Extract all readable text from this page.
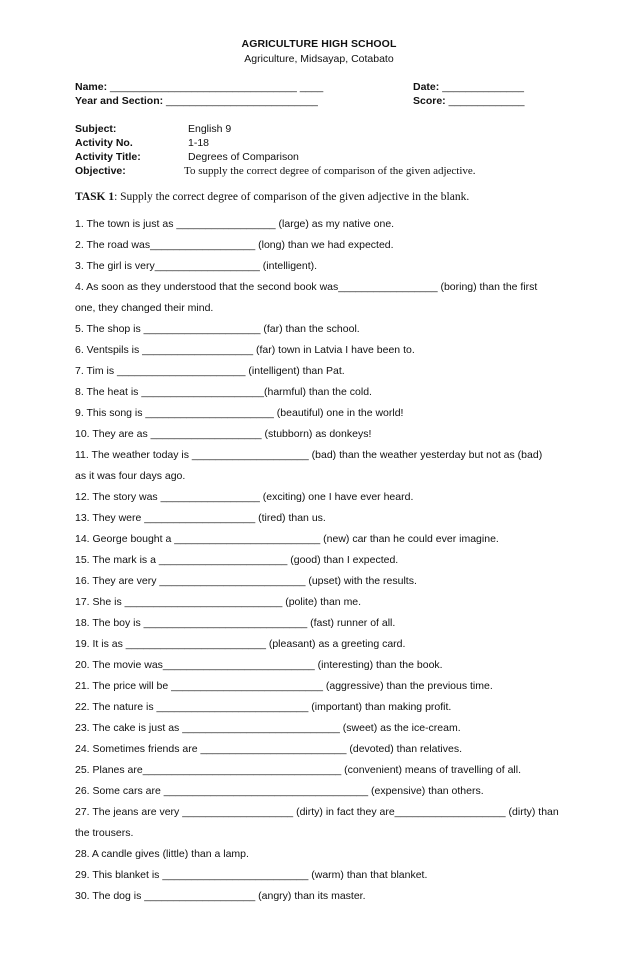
AGRICULTURE HIGH SCHOOL
Agriculture, Midsayap, Cotabato
Name: ________________________________ ____	Date: ______________
Year and Section: __________________________	Score: _____________
Subject:	English 9
Activity No.	1-18
Activity Title:	Degrees of Comparison
Objective:	To supply the correct degree of comparison of the given adjective.
TASK 1: Supply the correct degree of comparison of the given adjective in the blank.
1. The town is just as _________________ (large) as my native one.
2. The road was__________________ (long) than we had expected.
3. The girl is very__________________ (intelligent).
4. As soon as they understood that the second book was_________________ (boring) than the first
one, they changed their mind.
5. The shop is ____________________ (far) than the school.
6. Ventspils is ___________________ (far) town in Latvia I have been to.
7. Tim is ______________________ (intelligent) than Pat.
8. The heat is _____________________(harmful) than the cold.
9. This song is ______________________ (beautiful) one in the world!
10. They are as ___________________ (stubborn) as donkeys!
11. The weather today is ____________________ (bad) than the weather yesterday but not as (bad)
as it was four days ago.
12. The story was _________________ (exciting) one I have ever heard.
13. They were ___________________ (tired) than us.
14. George bought a _________________________ (new) car than he could ever imagine.
15. The mark is a ______________________ (good) than I expected.
16. They are very _________________________ (upset) with the results.
17. She is ___________________________ (polite) than me.
18. The boy is ____________________________ (fast) runner of all.
19. It is as ________________________ (pleasant) as a greeting card.
20. The movie was__________________________ (interesting) than the book.
21. The price will be __________________________ (aggressive) than the previous time.
22. The nature is __________________________ (important) than making profit.
23. The cake is just as ___________________________ (sweet) as the ice-cream.
24. Sometimes friends are _________________________ (devoted) than relatives.
25. Planes are__________________________________ (convenient) means of travelling of all.
26. Some cars are ___________________________________ (expensive) than others.
27. The jeans are very ___________________ (dirty) in fact they are___________________ (dirty) than
the trousers.
28. A candle gives (little) than a lamp.
29. This blanket is _________________________ (warm) than that blanket.
30. The dog is ___________________ (angry) than its master.
